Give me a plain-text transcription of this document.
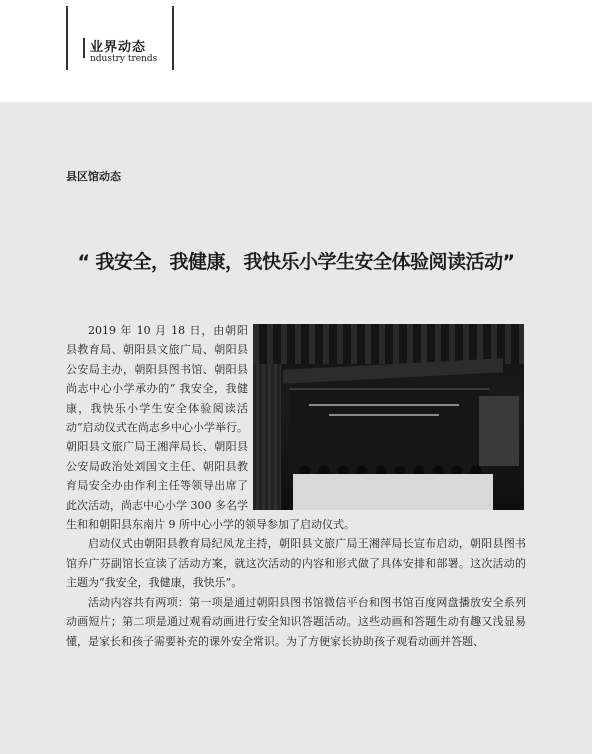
业界动态
ndustry trends
县区馆动态
“ 我安全，我健康，我快乐小学生安全体验阅读活动”

2019 年 10 月 18 日，由朝阳县教育局、朝阳县文旅广局、朝阳县公安局主办，朝阳县图书馆、朝阳县尚志中心小学承办的“ 我安全，我健康，我快乐小学生安全体验阅读活动”启动仪式在尚志乡中心小学举行。朝阳县文旅广局王湘萍局长、朝阳县公安局政治处刘国文主任、朝阳县教育局安全办由作利主任等领导出席了此次活动，尚志中心小学 300 多名学生和和朝阳县东南片 9 所中心小学的领导参加了启动仪式。

启动仪式由朝阳县教育局纪凤龙主持，朝阳县文旅广局王湘萍局长宣布启动，朝阳县图书馆乔广芬副馆长宣读了活动方案，就这次活动的内容和形式做了具体安排和部署。这次活动的主题为“我安全，我健康，我快乐”。

活动内容共有两项：第一项是通过朝阳县图书馆微信平台和图书馆百度网盘播放安全系列动画短片；第二项是通过观看动画进行安全知识答题活动。这些动画和答题生动有趣又浅显易懂，是家长和孩子需要补充的课外安全常识。为了方便家长协助孩子观看动画并答题、
